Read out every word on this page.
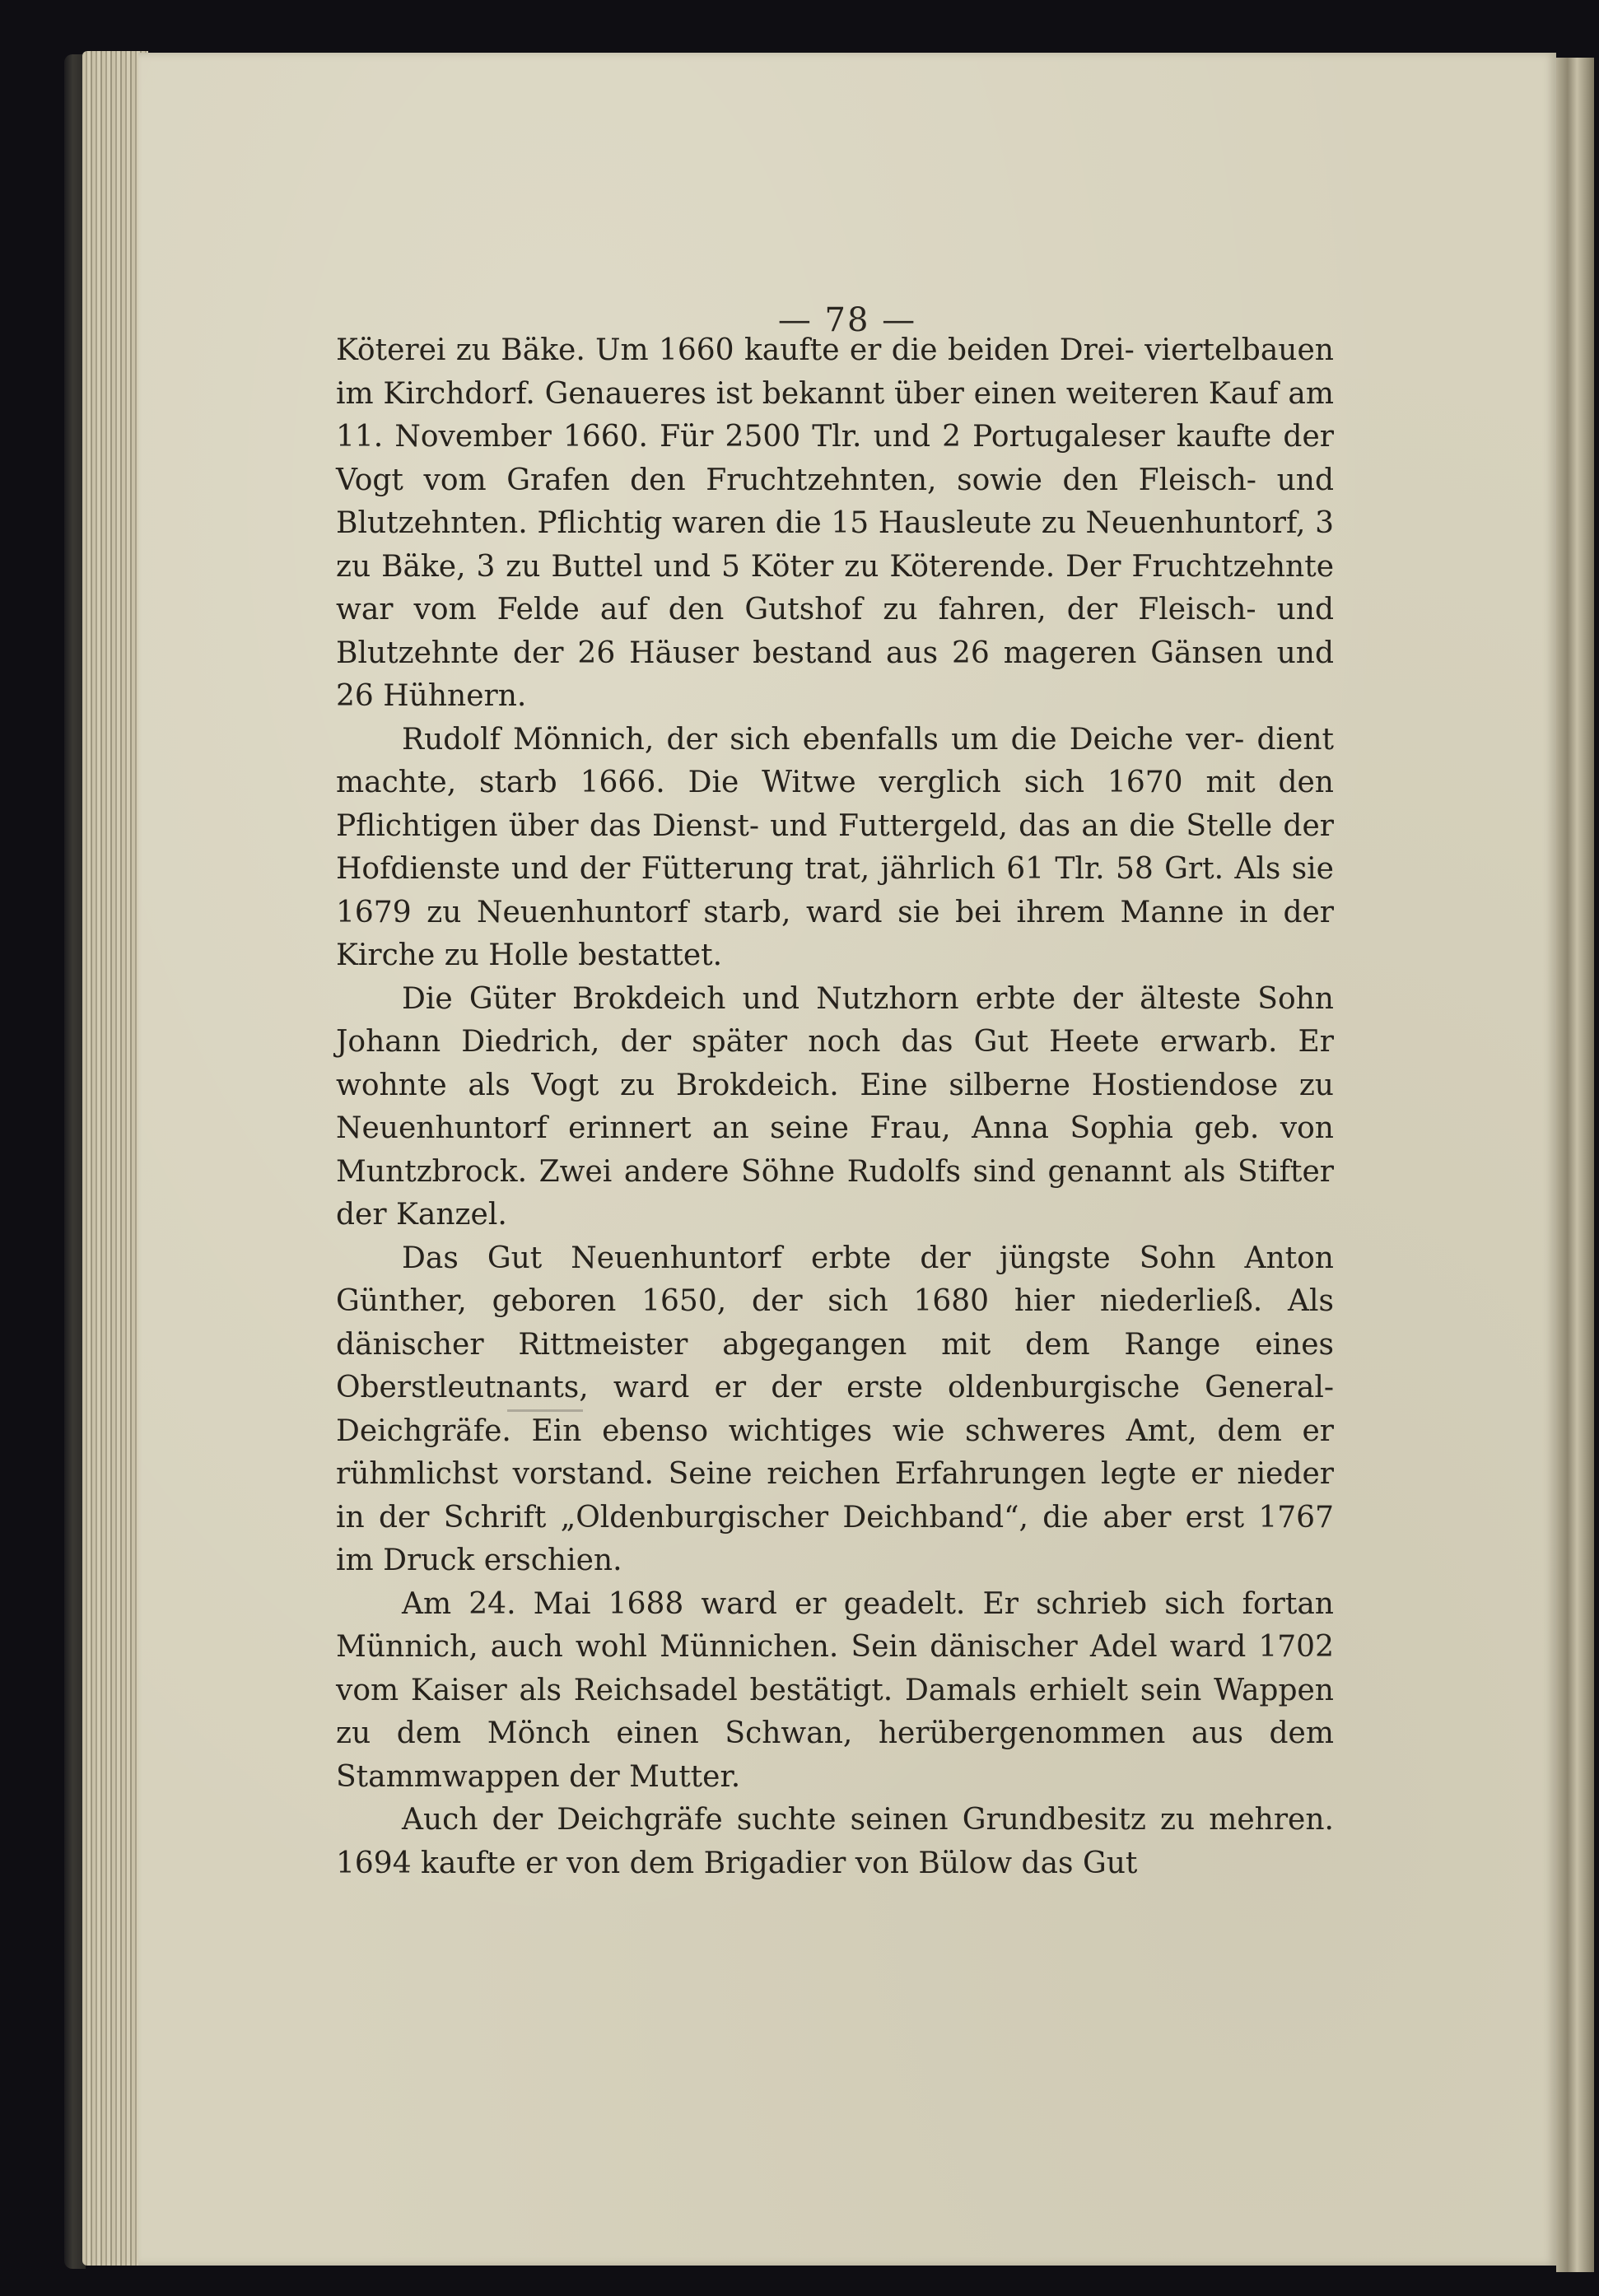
— 78 —

Köterei zu Bäke. Um 1660 kaufte er die beiden Drei- viertelbauen im Kirchdorf. Genaueres ist bekannt über einen weiteren Kauf am 11. November 1660. Für 2500 Tlr. und 2 Portugaleser kaufte der Vogt vom Grafen den Fruchtzehnten, sowie den Fleisch- und Blutzehnten. Pflichtig waren die 15 Hausleute zu Neuenhuntorf, 3 zu Bäke, 3 zu Buttel und 5 Köter zu Köterende. Der Fruchtzehnte war vom Felde auf den Gutshof zu fahren, der Fleisch- und Blutzehnte der 26 Häuser bestand aus 26 mageren Gänsen und 26 Hühnern.

Rudolf Mönnich, der sich ebenfalls um die Deiche ver- dient machte, starb 1666. Die Witwe verglich sich 1670 mit den Pflichtigen über das Dienst- und Futtergeld, das an die Stelle der Hofdienste und der Fütterung trat, jährlich 61 Tlr. 58 Grt. Als sie 1679 zu Neuenhuntorf starb, ward sie bei ihrem Manne in der Kirche zu Holle bestattet.

Die Güter Brokdeich und Nutzhorn erbte der älteste Sohn Johann Diedrich, der später noch das Gut Heete erwarb. Er wohnte als Vogt zu Brokdeich. Eine silberne Hostiendose zu Neuenhuntorf erinnert an seine Frau, Anna Sophia geb. von Muntzbrock. Zwei andere Söhne Rudolfs sind genannt als Stifter der Kanzel.

Das Gut Neuenhuntorf erbte der jüngste Sohn Anton Günther, geboren 1650, der sich 1680 hier niederließ. Als dänischer Rittmeister abgegangen mit dem Range eines Oberstleutnants, ward er der erste oldenburgische General- Deichgräfe. Ein ebenso wichtiges wie schweres Amt, dem er rühmlichst vorstand. Seine reichen Erfahrungen legte er nieder in der Schrift „Oldenburgischer Deichband“, die aber erst 1767 im Druck erschien.

Am 24. Mai 1688 ward er geadelt. Er schrieb sich fortan Münnich, auch wohl Münnichen. Sein dänischer Adel ward 1702 vom Kaiser als Reichsadel bestätigt. Damals erhielt sein Wappen zu dem Mönch einen Schwan, herübergenommen aus dem Stammwappen der Mutter.

Auch der Deichgräfe suchte seinen Grundbesitz zu mehren. 1694 kaufte er von dem Brigadier von Bülow das Gut
